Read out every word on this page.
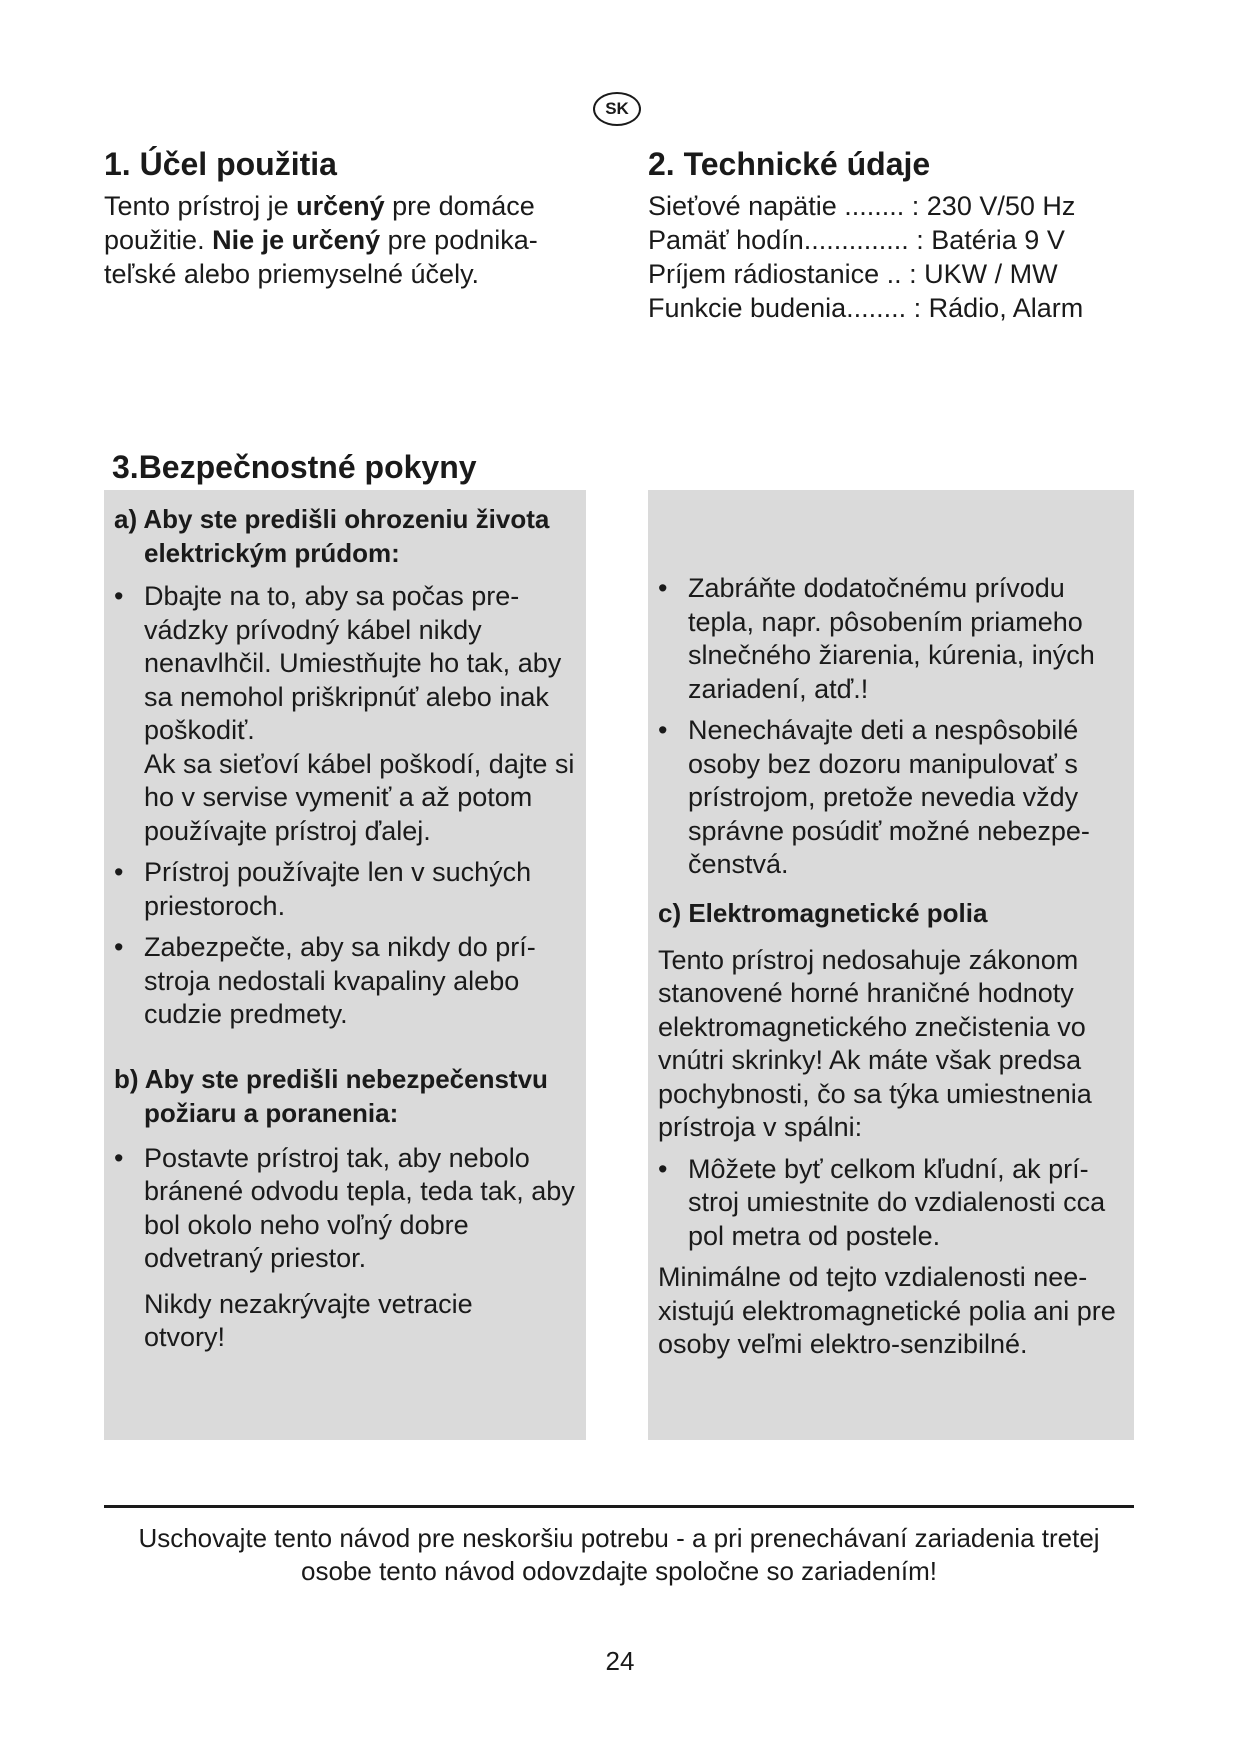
SK
1. Účel použitia

Tento prístroj je určený pre domáce použitie. Nie je určený pre podnika-teľské alebo priemyselné účely.

2. Technické údaje
Sieťové napätie ........ : 230 V/50 Hz
Pamäť hodín.............. : Batéria 9 V
Príjem rádiostanice .. : UKW / MW
Funkcie budenia........ : Rádio, Alarm
3.Bezpečnostné pokyny
a) Aby ste predišli ohrozeniu života elektrickým prúdom:
• Dbajte na to, aby sa počas pre-vádzky prívodný kábel nikdy nenavlhčil. Umiestňujte ho tak, aby sa nemohol priškripnúť alebo inak poškodiť.
Ak sa sieťoví kábel poškodí, dajte si ho v servise vymeniť a až potom používajte prístroj ďalej.
• Prístroj používajte len v suchých priestoroch.
• Zabezpečte, aby sa nikdy do prí-stroja nedostali kvapaliny alebo cudzie predmety.
b) Aby ste predišli nebezpečenstvu požiaru a poranenia:
• Postavte prístroj tak, aby nebolo bránené odvodu tepla, teda tak, aby bol okolo neho voľný dobre odvetraný priestor.
Nikdy nezakrývajte vetracie otvory!
• Zabráňte dodatočnému prívodu tepla, napr. pôsobením priameho slnečného žiarenia, kúrenia, iných zariadení, atď.!
• Nenechávajte deti a nespôsobilé osoby bez dozoru manipulovať s prístrojom, pretože nevedia vždy správne posúdiť možné nebezpe-čenstvá.
c) Elektromagnetické polia
Tento prístroj nedosahuje zákonom stanovené horné hraničné hodnoty elektromagnetického znečistenia vo vnútri skrinky! Ak máte však predsa pochybnosti, čo sa týka umiestnenia prístroja v spálni:
• Môžete byť celkom kľudní, ak prí-stroj umiestnite do vzdialenosti cca pol metra od postele.
Minimálne od tejto vzdialenosti nee-xistujú elektromagnetické polia ani pre osoby veľmi elektro-senzibilné.
Uschovajte tento návod pre neskoršiu potrebu - a pri prenechávaní zariadenia tretej osobe tento návod odovzdajte spoločne so zariadením!
24
